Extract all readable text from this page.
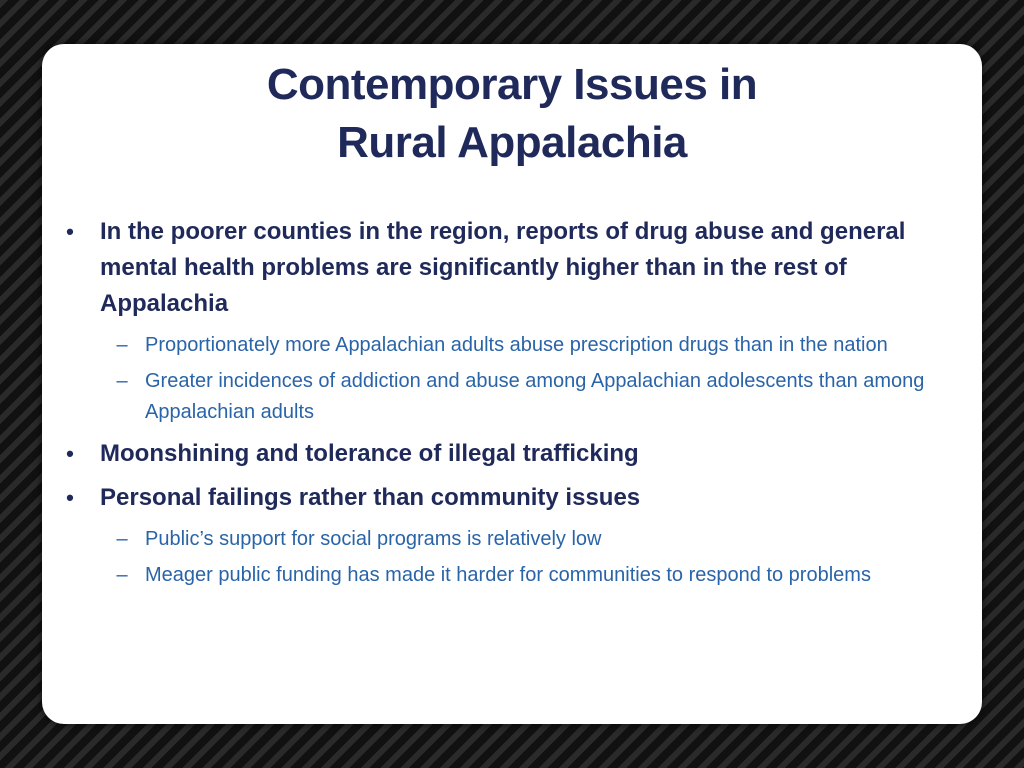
Contemporary Issues in
Rural Appalachia
• In the poorer counties in the region, reports of drug abuse and general mental health problems are significantly higher than in the rest of Appalachia
– Proportionately more Appalachian adults abuse prescription drugs than in the nation
– Greater incidences of addiction and abuse among Appalachian adolescents than among Appalachian adults
• Moonshining and tolerance of illegal trafficking
• Personal failings rather than community issues
– Public’s support for social programs is relatively low
– Meager public funding has made it harder for communities to respond to problems
